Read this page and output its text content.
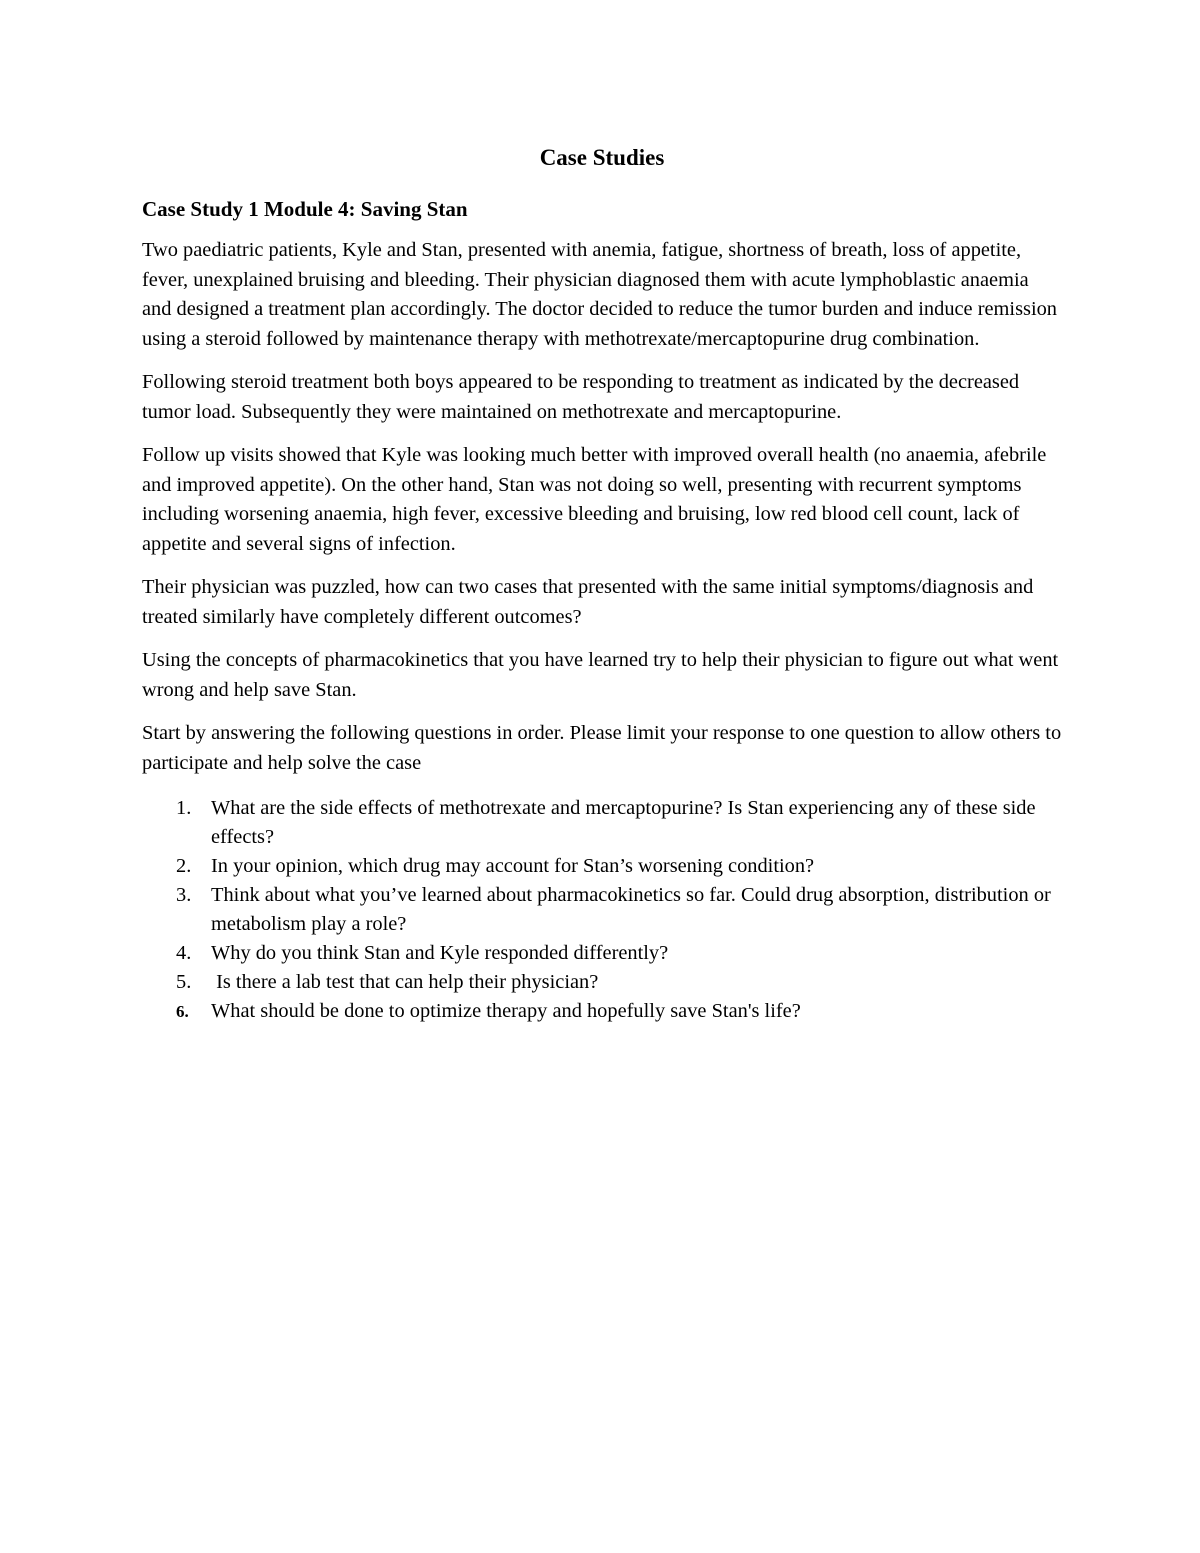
Case Studies
Case Study 1 Module 4: Saving Stan

Two paediatric patients, Kyle and Stan, presented with anemia, fatigue, shortness of breath, loss of appetite, fever, unexplained bruising and bleeding. Their physician diagnosed them with acute lymphoblastic anaemia and designed a treatment plan accordingly. The doctor decided to reduce the tumor burden and induce remission using a steroid followed by maintenance therapy with methotrexate/mercaptopurine drug combination.

Following steroid treatment both boys appeared to be responding to treatment as indicated by the decreased tumor load. Subsequently they were maintained on methotrexate and mercaptopurine.

Follow up visits showed that Kyle was looking much better with improved overall health (no anaemia, afebrile and improved appetite). On the other hand, Stan was not doing so well, presenting with recurrent symptoms including worsening anaemia, high fever, excessive bleeding and bruising, low red blood cell count, lack of appetite and several signs of infection.

Their physician was puzzled, how can two cases that presented with the same initial symptoms/diagnosis and treated similarly have completely different outcomes?

Using the concepts of pharmacokinetics that you have learned try to help their physician to figure out what went wrong and help save Stan.

Start by answering the following questions in order. Please limit your response to one question to allow others to participate and help solve the case

1. What are the side effects of methotrexate and mercaptopurine? Is Stan experiencing any of these side effects?
2. In your opinion, which drug may account for Stan’s worsening condition?
3. Think about what you’ve learned about pharmacokinetics so far. Could drug absorption, distribution or metabolism play a role?
4. Why do you think Stan and Kyle responded differently?
5. Is there a lab test that can help their physician?
6. What should be done to optimize therapy and hopefully save Stan's life?
